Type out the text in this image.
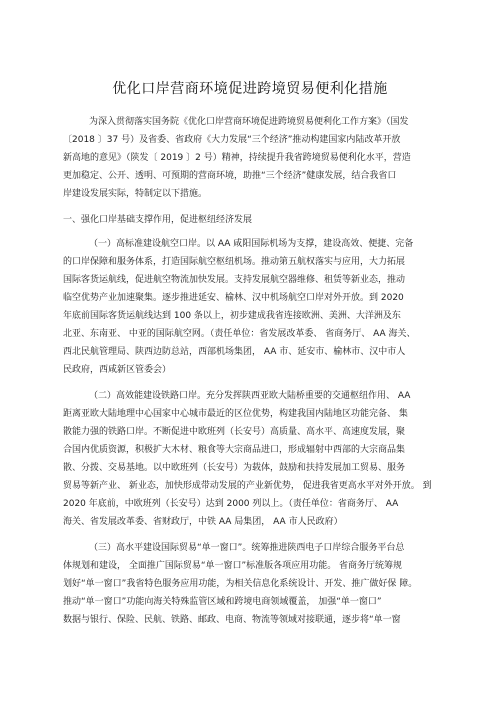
优化口岸营商环境促进跨境贸易便利化措施
为深入贯彻落实国务院《优化口岸营商环境促进跨境贸易便利化工作方案》（国发
〔2018 〕37 号）及省委、省政府《大力发展“三个经济”推动构建国家内陆改革开放
新高地的意见》（陕发〔 2019 〕2 号）精神，持续提升我省跨境贸易便利化水平，营造
更加稳定、公开、透明、可预期的营商环境，助推“三个经济”健康发展，结合我省口
岸建设发展实际，特制定以下措施。
一、强化口岸基础支撑作用，促进枢纽经济发展
（一）高标准建设航空口岸。以 AA 咸阳国际机场为支撑，建设高效、便捷、完备
的口岸保障和服务体系，打造国际航空枢纽机场。推动第五航权落实与应用，大力拓展
国际客货运航线，促进航空物流加快发展。支持发展航空器维修、租赁等新业态，推动
临空优势产业加速聚集。逐步推进延安、榆林、汉中机场航空口岸对外开放。到 2020
年底前国际客货运航线达到 100 条以上，初步建成我省连接欧洲、美洲、大洋洲及东
北亚、东南亚、 中亚的国际航空网。（责任单位：省发展改革委、 省商务厅、 AA 海关、
西北民航管理局、陕西边防总站，西部机场集团， AA 市、延安市、榆林市、汉中市人
民政府，西咸新区管委会）
（二）高效能建设铁路口岸。充分发挥陕西亚欧大陆桥重要的交通枢纽作用、 AA
距离亚欧大陆地理中心国家中心城市最近的区位优势，构建我国内陆地区功能完备、 集
散能力强的铁路口岸。不断促进中欧班列（长安号）高质量、高水平、高速度发展，聚
合国内优质资源，积极扩大木材、粮食等大宗商品进口，形成辐射中西部的大宗商品集
散、分拨、交易基地。以中欧班列（长安号）为载体，鼓励和扶持发展加工贸易、服务
贸易等新产业、 新业态，加快形成带动发展的产业新优势， 促进我省更高水平对外开放。 到
2020 年底前，中欧班列（长安号）达到 2000 列以上。（责任单位：省商务厅、 AA
海关、省发展改革委、省财政厅，中铁 AA 局集团， AA 市人民政府）
（三）高水平建设国际贸易“单一窗口”。统筹推进陕西电子口岸综合服务平台总
体规划和建设， 全面推广国际贸易“单一窗口”标准版各项应用功能。 省商务厅统筹规
划好“单一窗口”我省特色服务应用功能，为相关信息化系统设计、开发、推广做好保 障。
推动“单一窗口”功能向海关特殊监管区域和跨境电商领域覆盖， 加强“单一窗口”
数据与银行、保险、民航、铁路、邮政、电商、物流等领域对接联通，逐步将“单一窗
